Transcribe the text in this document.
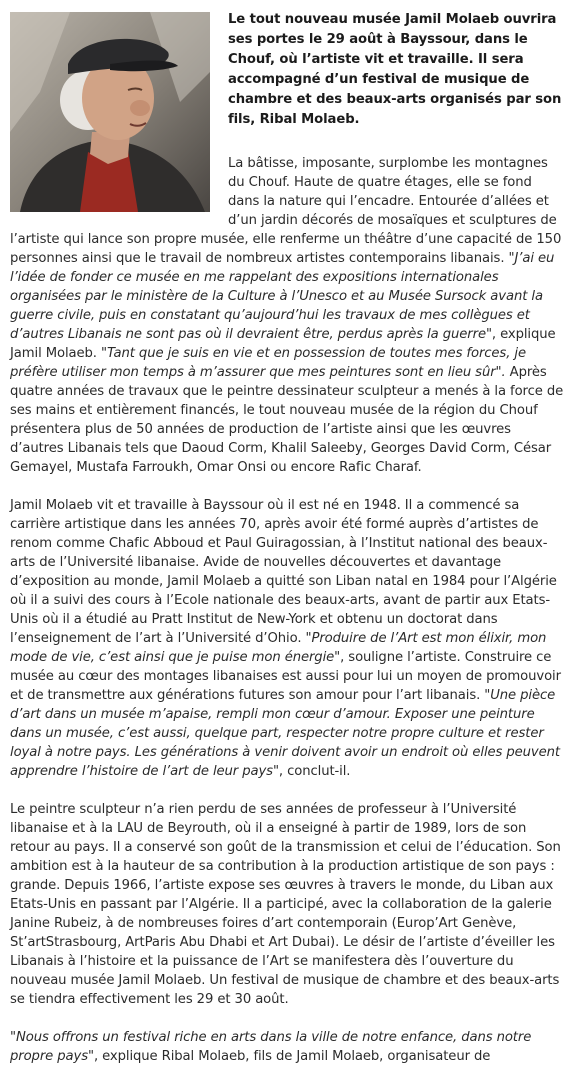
Le tout nouveau musée Jamil Molaeb ouvrira ses portes le 29 août à Bayssour, dans le Chouf, où l’artiste vit et travaille. Il sera accompagné d’un festival de musique de chambre et des beaux-arts organisés par son fils, Ribal Molaeb.

La bâtisse, imposante, surplombe les montagnes du Chouf. Haute de quatre étages, elle se fond dans la nature qui l’encadre. Entourée d’allées et d’un jardin décorés de mosaïques et sculptures de l’artiste qui lance son propre musée, elle renferme un théâtre d’une capacité de 150 personnes ainsi que le travail de nombreux artistes contemporains libanais. "J’ai eu l’idée de fonder ce musée en me rappelant des expositions internationales organisées par le ministère de la Culture à l’Unesco et au Musée Sursock avant la guerre civile, puis en constatant qu’aujourd’hui les travaux de mes collègues et d’autres Libanais ne sont pas où il devraient être, perdus après la guerre", explique Jamil Molaeb. "Tant que je suis en vie et en possession de toutes mes forces, je préfère utiliser mon temps à m’assurer que mes peintures sont en lieu sûr". Après quatre années de travaux que le peintre dessinateur sculpteur a menés à la force de ses mains et entièrement financés, le tout nouveau musée de la région du Chouf présentera plus de 50 années de production de l’artiste ainsi que les œuvres d’autres Libanais tels que Daoud Corm, Khalil Saleeby, Georges David Corm, César Gemayel, Mustafa Farroukh, Omar Onsi ou encore Rafic Charaf.

Jamil Molaeb vit et travaille à Bayssour où il est né en 1948. Il a commencé sa carrière artistique dans les années 70, après avoir été formé auprès d’artistes de renom comme Chafic Abboud et Paul Guiragossian, à l’Institut national des beaux-arts de l’Université libanaise. Avide de nouvelles découvertes et davantage d’exposition au monde, Jamil Molaeb a quitté son Liban natal en 1984 pour l’Algérie où il a suivi des cours à l’Ecole nationale des beaux-arts, avant de partir aux Etats-Unis où il a étudié au Pratt Institut de New-York et obtenu un doctorat dans l’enseignement de l’art à l’Université d’Ohio. "Produire de l’Art est mon élixir, mon mode de vie, c’est ainsi que je puise mon énergie", souligne l’artiste. Construire ce musée au cœur des montages libanaises est aussi pour lui un moyen de promouvoir et de transmettre aux générations futures son amour pour l’art libanais. "Une pièce d’art dans un musée m’apaise, rempli mon cœur d’amour. Exposer une peinture dans un musée, c’est aussi, quelque part, respecter notre propre culture et rester loyal à notre pays. Les générations à venir doivent avoir un endroit où elles peuvent apprendre l’histoire de l’art de leur pays", conclut-il.

Le peintre sculpteur n’a rien perdu de ses années de professeur à l’Université libanaise et à la LAU de Beyrouth, où il a enseigné à partir de 1989, lors de son retour au pays. Il a conservé son goût de la transmission et celui de l’éducation. Son ambition est à la hauteur de sa contribution à la production artistique de son pays : grande. Depuis 1966, l’artiste expose ses œuvres à travers le monde, du Liban aux Etats-Unis en passant par l’Algérie. Il a participé, avec la collaboration de la galerie Janine Rubeiz, à de nombreuses foires d’art contemporain (Europ’Art Genève, St’artStrasbourg, ArtParis Abu Dhabi et Art Dubai). Le désir de l’artiste d’éveiller les Libanais à l’histoire et la puissance de l’Art se manifestera dès l’ouverture du nouveau musée Jamil Molaeb. Un festival de musique de chambre et des beaux-arts se tiendra effectivement les 29 et 30 août.

"Nous offrons un festival riche en arts dans la ville de notre enfance, dans notre propre pays", explique Ribal Molaeb, fils de Jamil Molaeb, organisateur de
